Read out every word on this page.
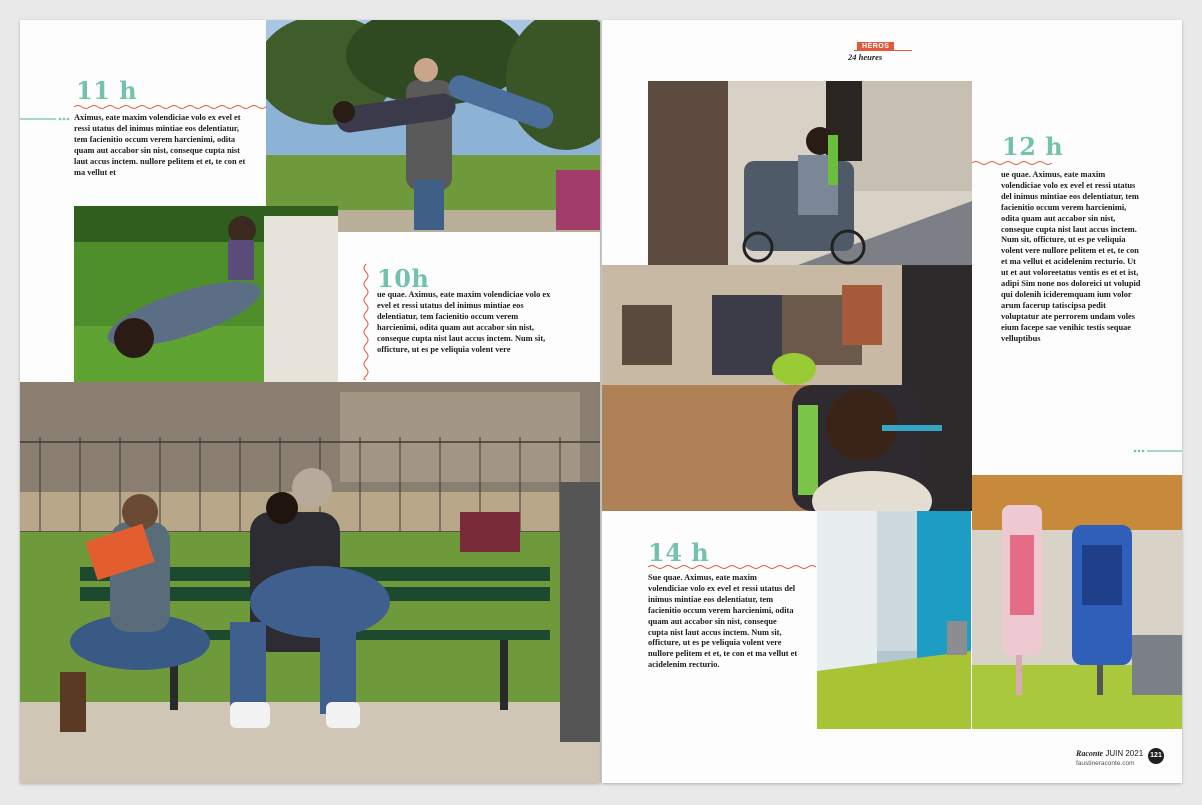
11 h
Aximus, eate maxim volendiciae volo ex evel et ressi utatus del inimus mintiae eos delentiatur, tem facienitio occum verem harcienimi, odita quam aut accabor sin nist, conseque cupta nist laut accus inctem. nullore pelitem et et, te con et ma vellut et
10h
ue quae. Aximus, eate maxim volendiciae volo ex evel et ressi utatus del inimus mintiae eos delentiatur, tem facienitio occum verem harcienimi, odita quam aut accabor sin nist, conseque cupta nist laut accus inctem. Num sit, officture, ut es pe veliquia volent vere
HÉROS
24 heures
12 h
ue quae. Aximus, eate maxim volendiciae volo ex evel et ressi utatus del inimus mintiae eos delentiatur, tem facienitio occum verem harcienimi, odita quam aut accabor sin nist, conseque cupta nist laut accus inctem. Num sit, officture, ut es pe veliquia volent vere nullore pelitem et et, te con et ma vellut et acidelenim recturio. Ut ut et aut voloreetatus ventis es et et ist, adipi Sim none nos doloreici ut volupid qui dolenih icideremquam ium volor arum facerup tatiscipsa pedit voluptatur ate perrorem undam voles eium facepe sae venihic testis sequae velluptibus
14 h
Sue quae. Aximus, eate maxim volendiciae volo ex evel et ressi utatus del inimus mintiae eos delentiatur, tem facienitio occum verem harcienimi, odita quam aut accabor sin nist, conseque cupta nist laut accus inctem. Num sit, officture, ut es pe veliquia volent vere nullore pelitem et et, te con et ma vellut et acidelenim recturio.
Raconte JUIN 2021
faustineraconte.com
121
